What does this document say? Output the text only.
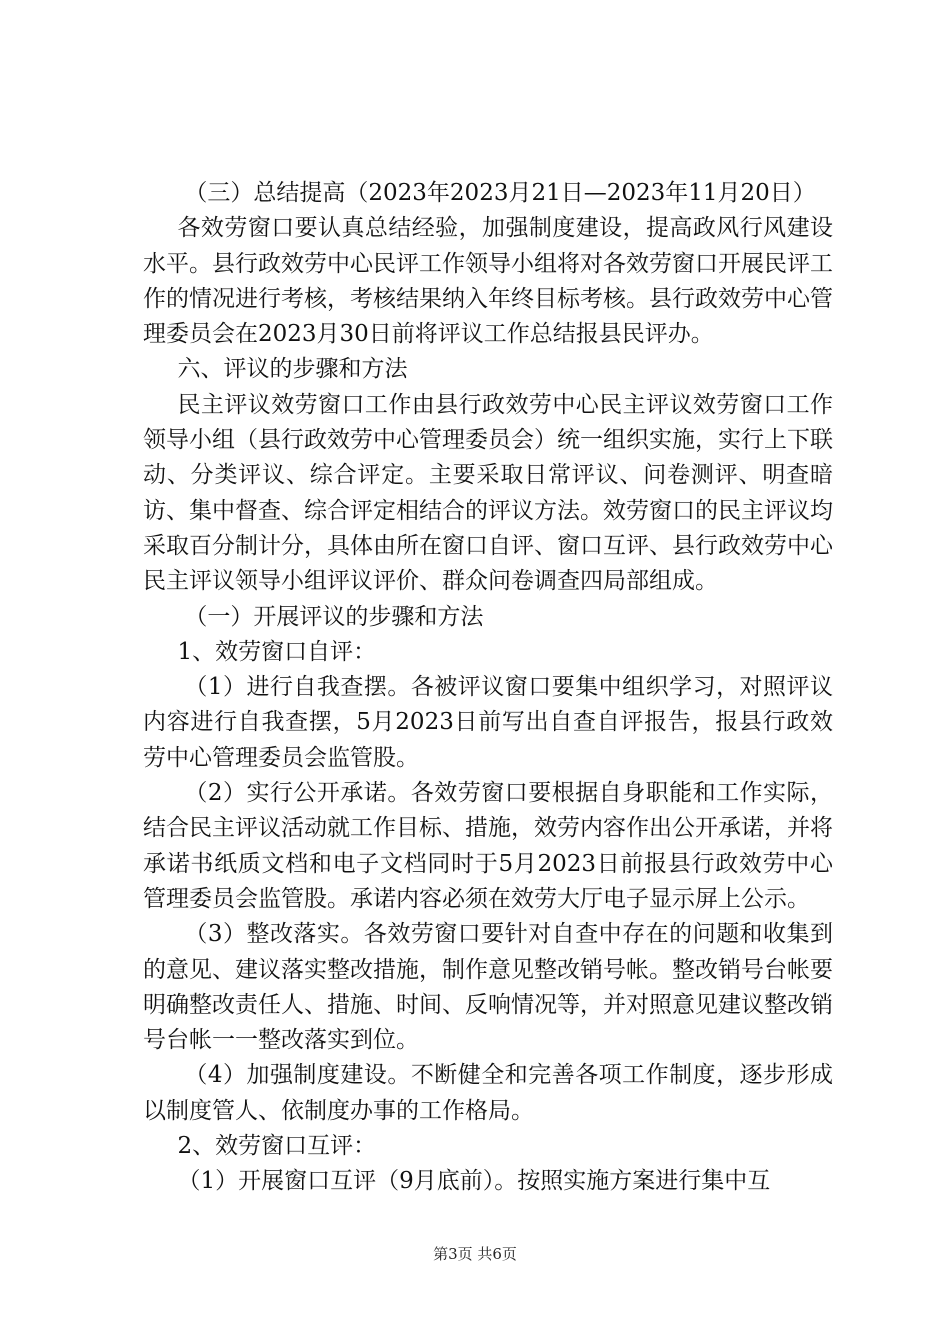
（三）总结提高（2023年2023月21日—2023年11月20日）

各效劳窗口要认真总结经验，加强制度建设，提高政风行风建设水平。县行政效劳中心民评工作领导小组将对各效劳窗口开展民评工作的情况进行考核，考核结果纳入年终目标考核。县行政效劳中心管理委员会在2023月30日前将评议工作总结报县民评办。

六、评议的步骤和方法

民主评议效劳窗口工作由县行政效劳中心民主评议效劳窗口工作领导小组（县行政效劳中心管理委员会）统一组织实施，实行上下联动、分类评议、综合评定。主要采取日常评议、问卷测评、明查暗访、集中督查、综合评定相结合的评议方法。效劳窗口的民主评议均采取百分制计分，具体由所在窗口自评、窗口互评、县行政效劳中心民主评议领导小组评议评价、群众问卷调查四局部组成。

（一）开展评议的步骤和方法

1、效劳窗口自评：

（1）进行自我查摆。各被评议窗口要集中组织学习，对照评议内容进行自我查摆，5月2023日前写出自查自评报告，报县行政效劳中心管理委员会监管股。

（2）实行公开承诺。各效劳窗口要根据自身职能和工作实际，结合民主评议活动就工作目标、措施，效劳内容作出公开承诺，并将承诺书纸质文档和电子文档同时于5月2023日前报县行政效劳中心管理委员会监管股。承诺内容必须在效劳大厅电子显示屏上公示。

（3）整改落实。各效劳窗口要针对自查中存在的问题和收集到的意见、建议落实整改措施，制作意见整改销号帐。整改销号台帐要明确整改责任人、措施、时间、反响情况等，并对照意见建议整改销号台帐一一整改落实到位。

（4）加强制度建设。不断健全和完善各项工作制度，逐步形成以制度管人、依制度办事的工作格局。

2、效劳窗口互评：

（1）开展窗口互评（9月底前）。按照实施方案进行集中互

第3页 共6页
